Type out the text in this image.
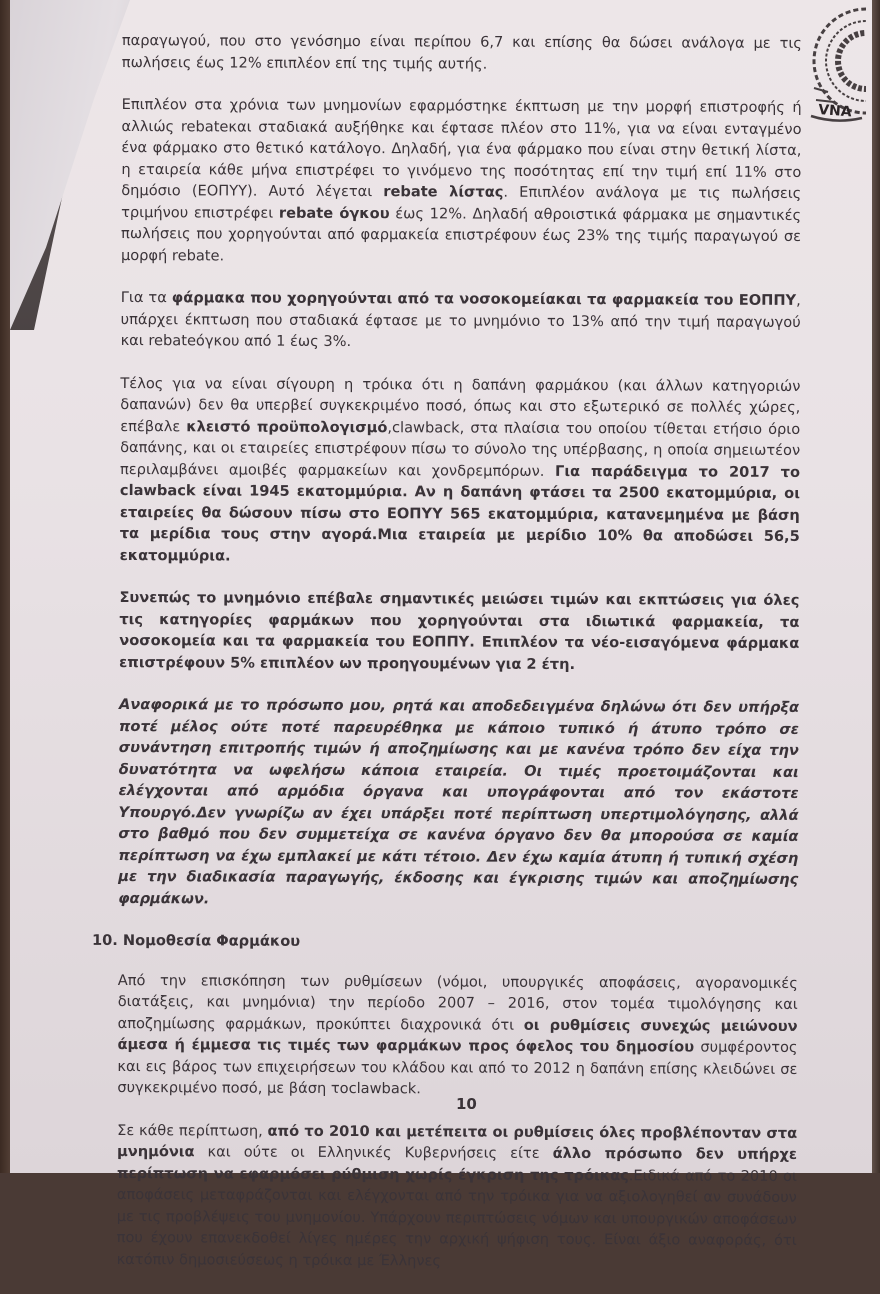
VNA

παραγωγού, που στο γενόσημο είναι περίπου 6,7 και επίσης θα δώσει ανάλογα με τις πωλήσεις έως 12% επιπλέον επί της τιμής αυτής.

Επιπλέον στα χρόνια των μνημονίων εφαρμόστηκε έκπτωση με την μορφή επιστροφής ή αλλιώς rebateκαι σταδιακά αυξήθηκε και έφτασε πλέον στο 11%, για να είναι ενταγμένο ένα φάρμακο στο θετικό κατάλογο. Δηλαδή, για ένα φάρμακο που είναι στην θετική λίστα, η εταιρεία κάθε μήνα επιστρέφει το γινόμενο της ποσότητας επί την τιμή επί 11% στο δημόσιο (ΕΟΠΥΥ). Αυτό λέγεται rebate λίστας. Επιπλέον ανάλογα με τις πωλήσεις τριμήνου επιστρέφει rebate όγκου έως 12%. Δηλαδή αθροιστικά φάρμακα με σημαντικές πωλήσεις που χορηγούνται από φαρμακεία επιστρέφουν έως 23% της τιμής παραγωγού σε μορφή rebate.

Για τα φάρμακα που χορηγούνται από τα νοσοκομείακαι τα φαρμακεία του ΕΟΠΠΥ, υπάρχει έκπτωση που σταδιακά έφτασε με το μνημόνιο το 13% από την τιμή παραγωγού και rebateόγκου από 1 έως 3%.

Τέλος για να είναι σίγουρη η τρόικα ότι η δαπάνη φαρμάκου (και άλλων κατηγοριών δαπανών) δεν θα υπερβεί συγκεκριμένο ποσό, όπως και στο εξωτερικό σε πολλές χώρες, επέβαλε κλειστό προϋπολογισμό,clawback, στα πλαίσια του οποίου τίθεται ετήσιο όριο δαπάνης, και οι εταιρείες επιστρέφουν πίσω το σύνολο της υπέρβασης, η οποία σημειωτέον περιλαμβάνει αμοιβές φαρμακείων και χονδρεμπόρων. Για παράδειγμα το 2017 το clawback είναι 1945 εκατομμύρια. Αν η δαπάνη φτάσει τα 2500 εκατομμύρια, οι εταιρείες θα δώσουν πίσω στο ΕΟΠΥΥ 565 εκατομμύρια, κατανεμημένα με βάση τα μερίδια τους στην αγορά.Μια εταιρεία με μερίδιο 10% θα αποδώσει 56,5 εκατομμύρια.

Συνεπώς το μνημόνιο επέβαλε σημαντικές μειώσει τιμών και εκπτώσεις για όλες τις κατηγορίες φαρμάκων που χορηγούνται στα ιδιωτικά φαρμακεία, τα νοσοκομεία και τα φαρμακεία του ΕΟΠΠΥ. Επιπλέον τα νέο-εισαγόμενα φάρμακα επιστρέφουν 5% επιπλέον ων προηγουμένων για 2 έτη.

Αναφορικά με το πρόσωπο μου, ρητά και αποδεδειγμένα δηλώνω ότι δεν υπήρξα ποτέ μέλος ούτε ποτέ παρευρέθηκα με κάποιο τυπικό ή άτυπο τρόπο σε συνάντηση επιτροπής τιμών ή αποζημίωσης και με κανένα τρόπο δεν είχα την δυνατότητα να ωφελήσω κάποια εταιρεία. Οι τιμές προετοιμάζονται και ελέγχονται από αρμόδια όργανα και υπογράφονται από τον εκάστοτε Υπουργό.Δεν γνωρίζω αν έχει υπάρξει ποτέ περίπτωση υπερτιμολόγησης, αλλά στο βαθμό που δεν συμμετείχα σε κανένα όργανο δεν θα μπορούσα σε καμία περίπτωση να έχω εμπλακεί με κάτι τέτοιο. Δεν έχω καμία άτυπη ή τυπική σχέση με την διαδικασία παραγωγής, έκδοσης και έγκρισης τιμών και αποζημίωσης φαρμάκων.

10. Νομοθεσία Φαρμάκου

Από την επισκόπηση των ρυθμίσεων (νόμοι, υπουργικές αποφάσεις, αγορανομικές διατάξεις, και μνημόνια) την περίοδο 2007 – 2016, στον τομέα τιμολόγησης και αποζημίωσης φαρμάκων, προκύπτει διαχρονικά ότι οι ρυθμίσεις συνεχώς μειώνουν άμεσα ή έμμεσα τις τιμές των φαρμάκων προς όφελος του δημοσίου συμφέροντος και εις βάρος των επιχειρήσεων του κλάδου και από το 2012 η δαπάνη επίσης κλειδώνει σε συγκεκριμένο ποσό, με βάση τοclawback.

Σε κάθε περίπτωση, από το 2010 και μετέπειτα οι ρυθμίσεις όλες προβλέπονταν στα μνημόνια και ούτε οι Ελληνικές Κυβερνήσεις είτε άλλο πρόσωπο δεν υπήρχε περίπτωση να εφαρμόσει ρύθμιση χωρίς έγκριση της τρόικας.Ειδικά από το 2010 οι αποφάσεις μεταφράζονται και ελέγχονται από την τρόικα για να αξιολογηθεί αν συνάδουν με τις προβλέψεις του μνημονίου. Υπάρχουν περιπτώσεις νόμων και υπουργικών αποφάσεων που έχουν επανεκδοθεί λίγες ημέρες την αρχική ψήφιση τους. Είναι άξιο αναφοράς, ότι κατόπιν δημοσιεύσεως η τρόικα με Έλληνες

10
